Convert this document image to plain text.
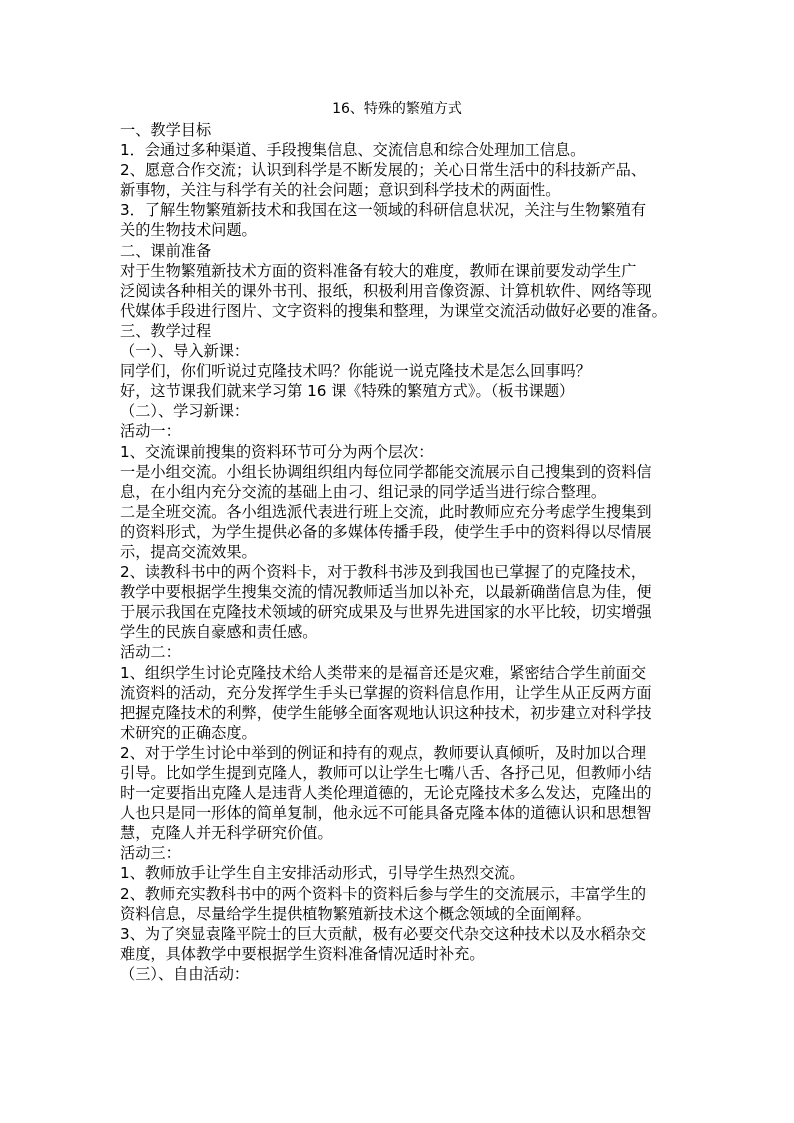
16、特殊的繁殖方式
一、教学目标
1．会通过多种渠道、手段搜集信息、交流信息和综合处理加工信息。
2、愿意合作交流；认识到科学是不断发展的；关心日常生活中的科技新产品、
新事物，关注与科学有关的社会问题；意识到科学技术的两面性。
3．了解生物繁殖新技术和我国在这一领域的科研信息状况，关注与生物繁殖有
关的生物技术问题。
二、课前准备
对于生物繁殖新技术方面的资料准备有较大的难度，教师在课前要发动学生广
泛阅读各种相关的课外书刊、报纸，积极利用音像资源、计算机软件、网络等现
代媒体手段进行图片、文字资料的搜集和整理，为课堂交流活动做好必要的准备。
三、教学过程
（一）、导入新课：
同学们，你们听说过克隆技术吗？你能说一说克隆技术是怎么回事吗？
好，这节课我们就来学习第 16 课《特殊的繁殖方式》。（板书课题）
（二）、学习新课：
活动一：
1、交流课前搜集的资料环节可分为两个层次：
一是小组交流。小组长协调组织组内每位同学都能交流展示自己搜集到的资料信
息，在小组内充分交流的基础上由刁、组记录的同学适当进行综合整理。
二是全班交流。各小组选派代表进行班上交流，此时教师应充分考虑学生搜集到
的资料形式，为学生提供必备的多媒体传播手段，使学生手中的资料得以尽情展
示，提高交流效果。
2、读教科书中的两个资料卡，对于教科书涉及到我国也已掌握了的克隆技术，
教学中要根据学生搜集交流的情况教师适当加以补充，以最新确凿信息为佳，便
于展示我国在克隆技术领域的研究成果及与世界先进国家的水平比较，切实增强
学生的民族自豪感和责任感。
活动二：
1、组织学生讨论克隆技术给人类带来的是福音还是灾难，紧密结合学生前面交
流资料的活动，充分发挥学生手头已掌握的资料信息作用，让学生从正反两方面
把握克隆技术的利弊，使学生能够全面客观地认识这种技术，初步建立对科学技
术研究的正确态度。
2、对于学生讨论中举到的例证和持有的观点，教师要认真倾听，及时加以合理
引导。比如学生提到克隆人，教师可以让学生七嘴八舌、各抒己见，但教师小结
时一定要指出克隆人是违背人类伦理道德的，无论克隆技术多么发达，克隆出的
人也只是同一形体的简单复制，他永远不可能具备克隆本体的道德认识和思想智
慧，克隆人并无科学研究价值。
活动三：
1、教师放手让学生自主安排活动形式，引导学生热烈交流。
2、教师充实教科书中的两个资料卡的资料后参与学生的交流展示，丰富学生的
资料信息，尽量给学生提供植物繁殖新技术这个概念领域的全面阐释。
3、为了突显袁隆平院士的巨大贡献，极有必要交代杂交这种技术以及水稻杂交
难度，具体教学中要根据学生资料准备情况适时补充。
（三）、自由活动：
